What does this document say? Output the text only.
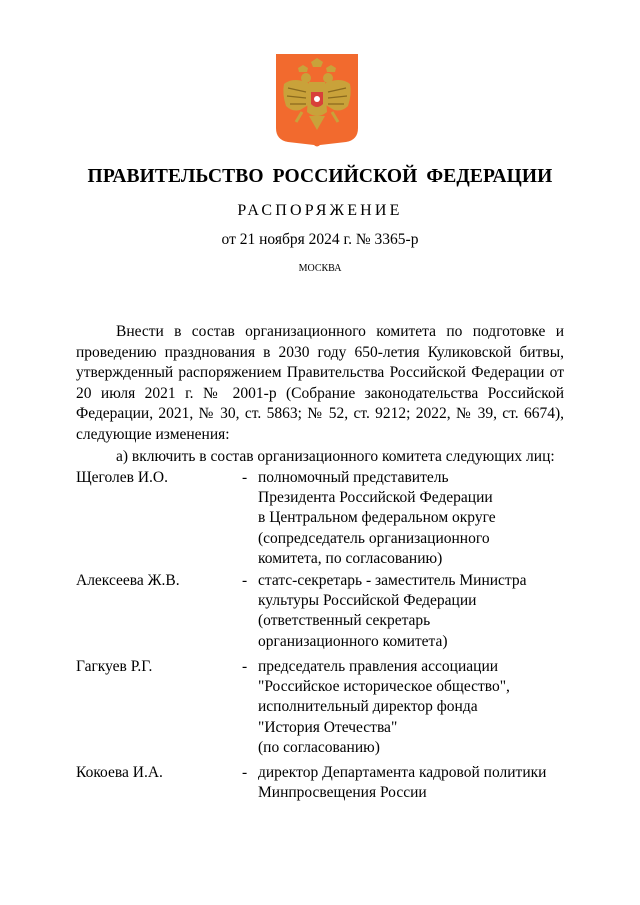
ПРАВИТЕЛЬСТВО РОССИЙСКОЙ ФЕДЕРАЦИИ
РАСПОРЯЖЕНИЕ
от 21 ноября 2024 г. № 3365-р
МОСКВА

Внести в состав организационного комитета по подготовке и проведению празднования в 2030 году 650-летия Куликовской битвы, утвержденный распоряжением Правительства Российской Федерации от 20 июля 2021 г. № 2001-р (Собрание законодательства Российской Федерации, 2021, № 30, ст. 5863; № 52, ст. 9212; 2022, № 39, ст. 6674), следующие изменения:

а) включить в состав организационного комитета следующих лиц:
Щеголев И.О.	- полномочный представитель
Президента Российской Федерации
в Центральном федеральном округе
(сопредседатель организационного
комитета, по согласованию)
Алексеева Ж.В.	- статс-секретарь - заместитель Министра
культуры Российской Федерации
(ответственный секретарь
организационного комитета)
Гагкуев Р.Г.	- председатель правления ассоциации
"Российское историческое общество",
исполнительный директор фонда
"История Отечества"
(по согласованию)
Кокоева И.А.	- директор Департамента кадровой политики
Минпросвещения России
